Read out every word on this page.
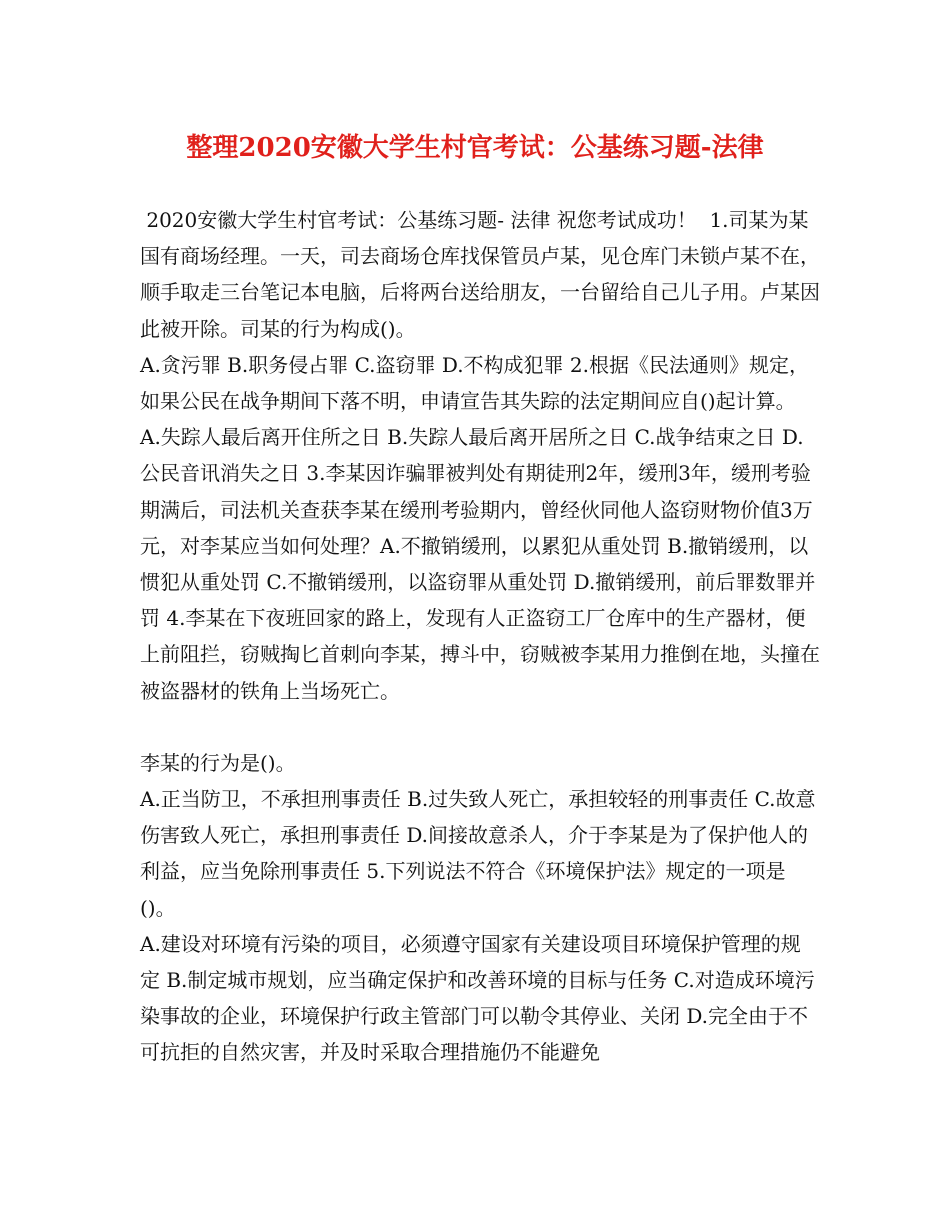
整理2020安徽大学生村官考试：公基练习题-法律

2020安徽大学生村官考试：公基练习题- 法律 祝您考试成功！  1.司某为某国有商场经理。一天，司去商场仓库找保管员卢某，见仓库门未锁卢某不在，顺手取走三台笔记本电脑，后将两台送给朋友，一台留给自己儿子用。卢某因此被开除。司某的行为构成()。

A.贪污罪 B.职务侵占罪 C.盗窃罪 D.不构成犯罪 2.根据《民法通则》规定，如果公民在战争期间下落不明，申请宣告其失踪的法定期间应自()起计算。

A.失踪人最后离开住所之日 B.失踪人最后离开居所之日 C.战争结束之日 D.公民音讯消失之日 3.李某因诈骗罪被判处有期徒刑2年，缓刑3年，缓刑考验期满后，司法机关查获李某在缓刑考验期内，曾经伙同他人盗窃财物价值3万元，对李某应当如何处理？A.不撤销缓刑，以累犯从重处罚 B.撤销缓刑，以惯犯从重处罚 C.不撤销缓刑，以盗窃罪从重处罚 D.撤销缓刑，前后罪数罪并罚 4.李某在下夜班回家的路上，发现有人正盗窃工厂仓库中的生产器材，便上前阻拦，窃贼掏匕首刺向李某，搏斗中，窃贼被李某用力推倒在地，头撞在被盗器材的铁角上当场死亡。

李某的行为是()。

A.正当防卫，不承担刑事责任 B.过失致人死亡，承担较轻的刑事责任 C.故意伤害致人死亡，承担刑事责任 D.间接故意杀人，介于李某是为了保护他人的利益，应当免除刑事责任 5.下列说法不符合《环境保护法》规定的一项是()。

A.建设对环境有污染的项目，必须遵守国家有关建设项目环境保护管理的规定 B.制定城市规划，应当确定保护和改善环境的目标与任务 C.对造成环境污染事故的企业，环境保护行政主管部门可以勒令其停业、关闭 D.完全由于不可抗拒的自然灾害，并及时采取合理措施仍不能避免
